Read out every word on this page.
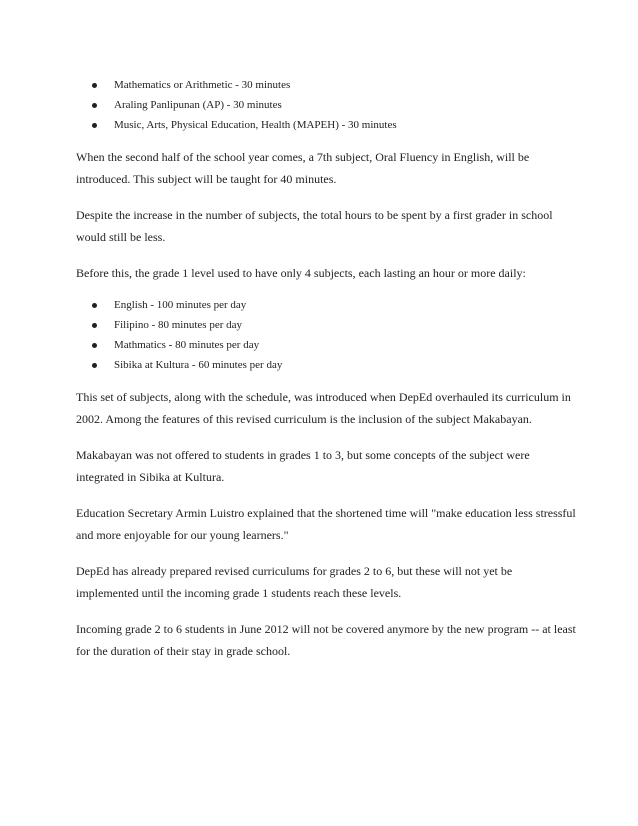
Mathematics or Arithmetic - 30 minutes
Araling Panlipunan (AP) - 30 minutes
Music, Arts, Physical Education, Health (MAPEH) - 30 minutes

When the second half of the school year comes, a 7th subject, Oral Fluency in English, will be introduced. This subject will be taught for 40 minutes.

Despite the increase in the number of subjects, the total hours to be spent by a first grader in school would still be less.

Before this, the grade 1 level used to have only 4 subjects, each lasting an hour or more daily:

English - 100 minutes per day
Filipino - 80 minutes per day
Mathmatics - 80 minutes per day
Sibika at Kultura - 60 minutes per day

This set of subjects, along with the schedule, was introduced when DepEd overhauled its curriculum in 2002. Among the features of this revised curriculum is the inclusion of the subject Makabayan.

Makabayan was not offered to students in grades 1 to 3, but some concepts of the subject were integrated in Sibika at Kultura.

Education Secretary Armin Luistro explained that the shortened time will "make education less stressful and more enjoyable for our young learners."

DepEd has already prepared revised curriculums for grades 2 to 6, but these will not yet be implemented until the incoming grade 1 students reach these levels.

Incoming grade 2 to 6 students in June 2012 will not be covered anymore by the new program -- at least for the duration of their stay in grade school.
